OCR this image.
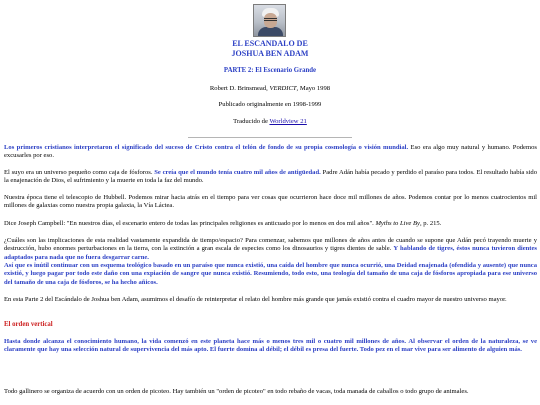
EL ESCANDALO DE
JOSHUA BEN ADAM
PARTE 2: El Escenario Grande
Robert D. Brinsmead, VERDICT, Mayo 1998
Publicado originalmente en 1998-1999
Traducido de Worldview 21
Los primeros cristianos interpretaron el significado del suceso de Cristo contra el telón de fondo de su propia cosmología o visión mundial. Eso era algo muy natural y humano. Podemos excusarles por eso.
El suyo era un universo pequeño como caja de fósforos. Se creía que el mundo tenía cuatro mil años de antigüedad. Padre Adán había pecado y perdido el paraíso para todos. El resultado había sido la enajenación de Dios, el sufrimiento y la muerte en toda la faz del mundo.
Nuestra época tiene el telescopio de Hubbell. Podemos mirar hacia atrás en el tiempo para ver cosas que ocurrieron hace doce mil millones de años. Podemos contar por lo menos cuatrocientos mil millones de galaxias como nuestra propia galaxia, la Vía Láctea.
Dice Joseph Campbell: "En nuestros días, el escenario entero de todas las principales religiones es anticuado por lo menos en dos mil años". Myths to Live By, p. 215.
¿Cuáles son las implicaciones de esta realidad vastamente expandida de tiempo/espacio? Para comenzar, sabemos que millones de años antes de cuando se supone que Adán pecó trayendo muerte y destrucción, hubo enormes perturbaciones en la tierra, con la extinción a gran escala de especies como los dinosaurios y tigres dientes de sable. Y hablando de tigres, éstos nunca tuvieron dientes adaptados para nada que no fuera desgarrar carne.
Así que es inútil continuar con un esquema teológico basado en un paraíso que nunca existió, una caída del hombre que nunca ocurrió, una Deidad enajenada (ofendida y ausente) que nunca existió, y luego pagar por todo este daño con una expiación de sangre que nunca existió. Resumiendo, todo esto, una teología del tamaño de una caja de fósforos apropiada para ese universo del tamaño de una caja de fósforos, se ha hecho añicos.
En esta Parte 2 del Escándalo de Joshua ben Adam, asumimos el desafío de reinterpretar el relato del hombre más grande que jamás existió contra el cuadro mayor de nuestro universo mayor.
El orden vertical
Hasta donde alcanza el conocimiento humano, la vida comenzó en este planeta hace más o menos tres mil o cuatro mil millones de años. Al observar el orden de la naturaleza, se ve claramente que hay una selección natural de supervivencia del más apto. El fuerte domina al débil; el débil es presa del fuerte. Todo pez en el mar vive para ser alimento de alguien más.
Todo gallinero se organiza de acuerdo con un orden de picoteo. Hay también un "orden de picoteo" en todo rebaño de vacas, toda manada de caballos o todo grupo de animales.
